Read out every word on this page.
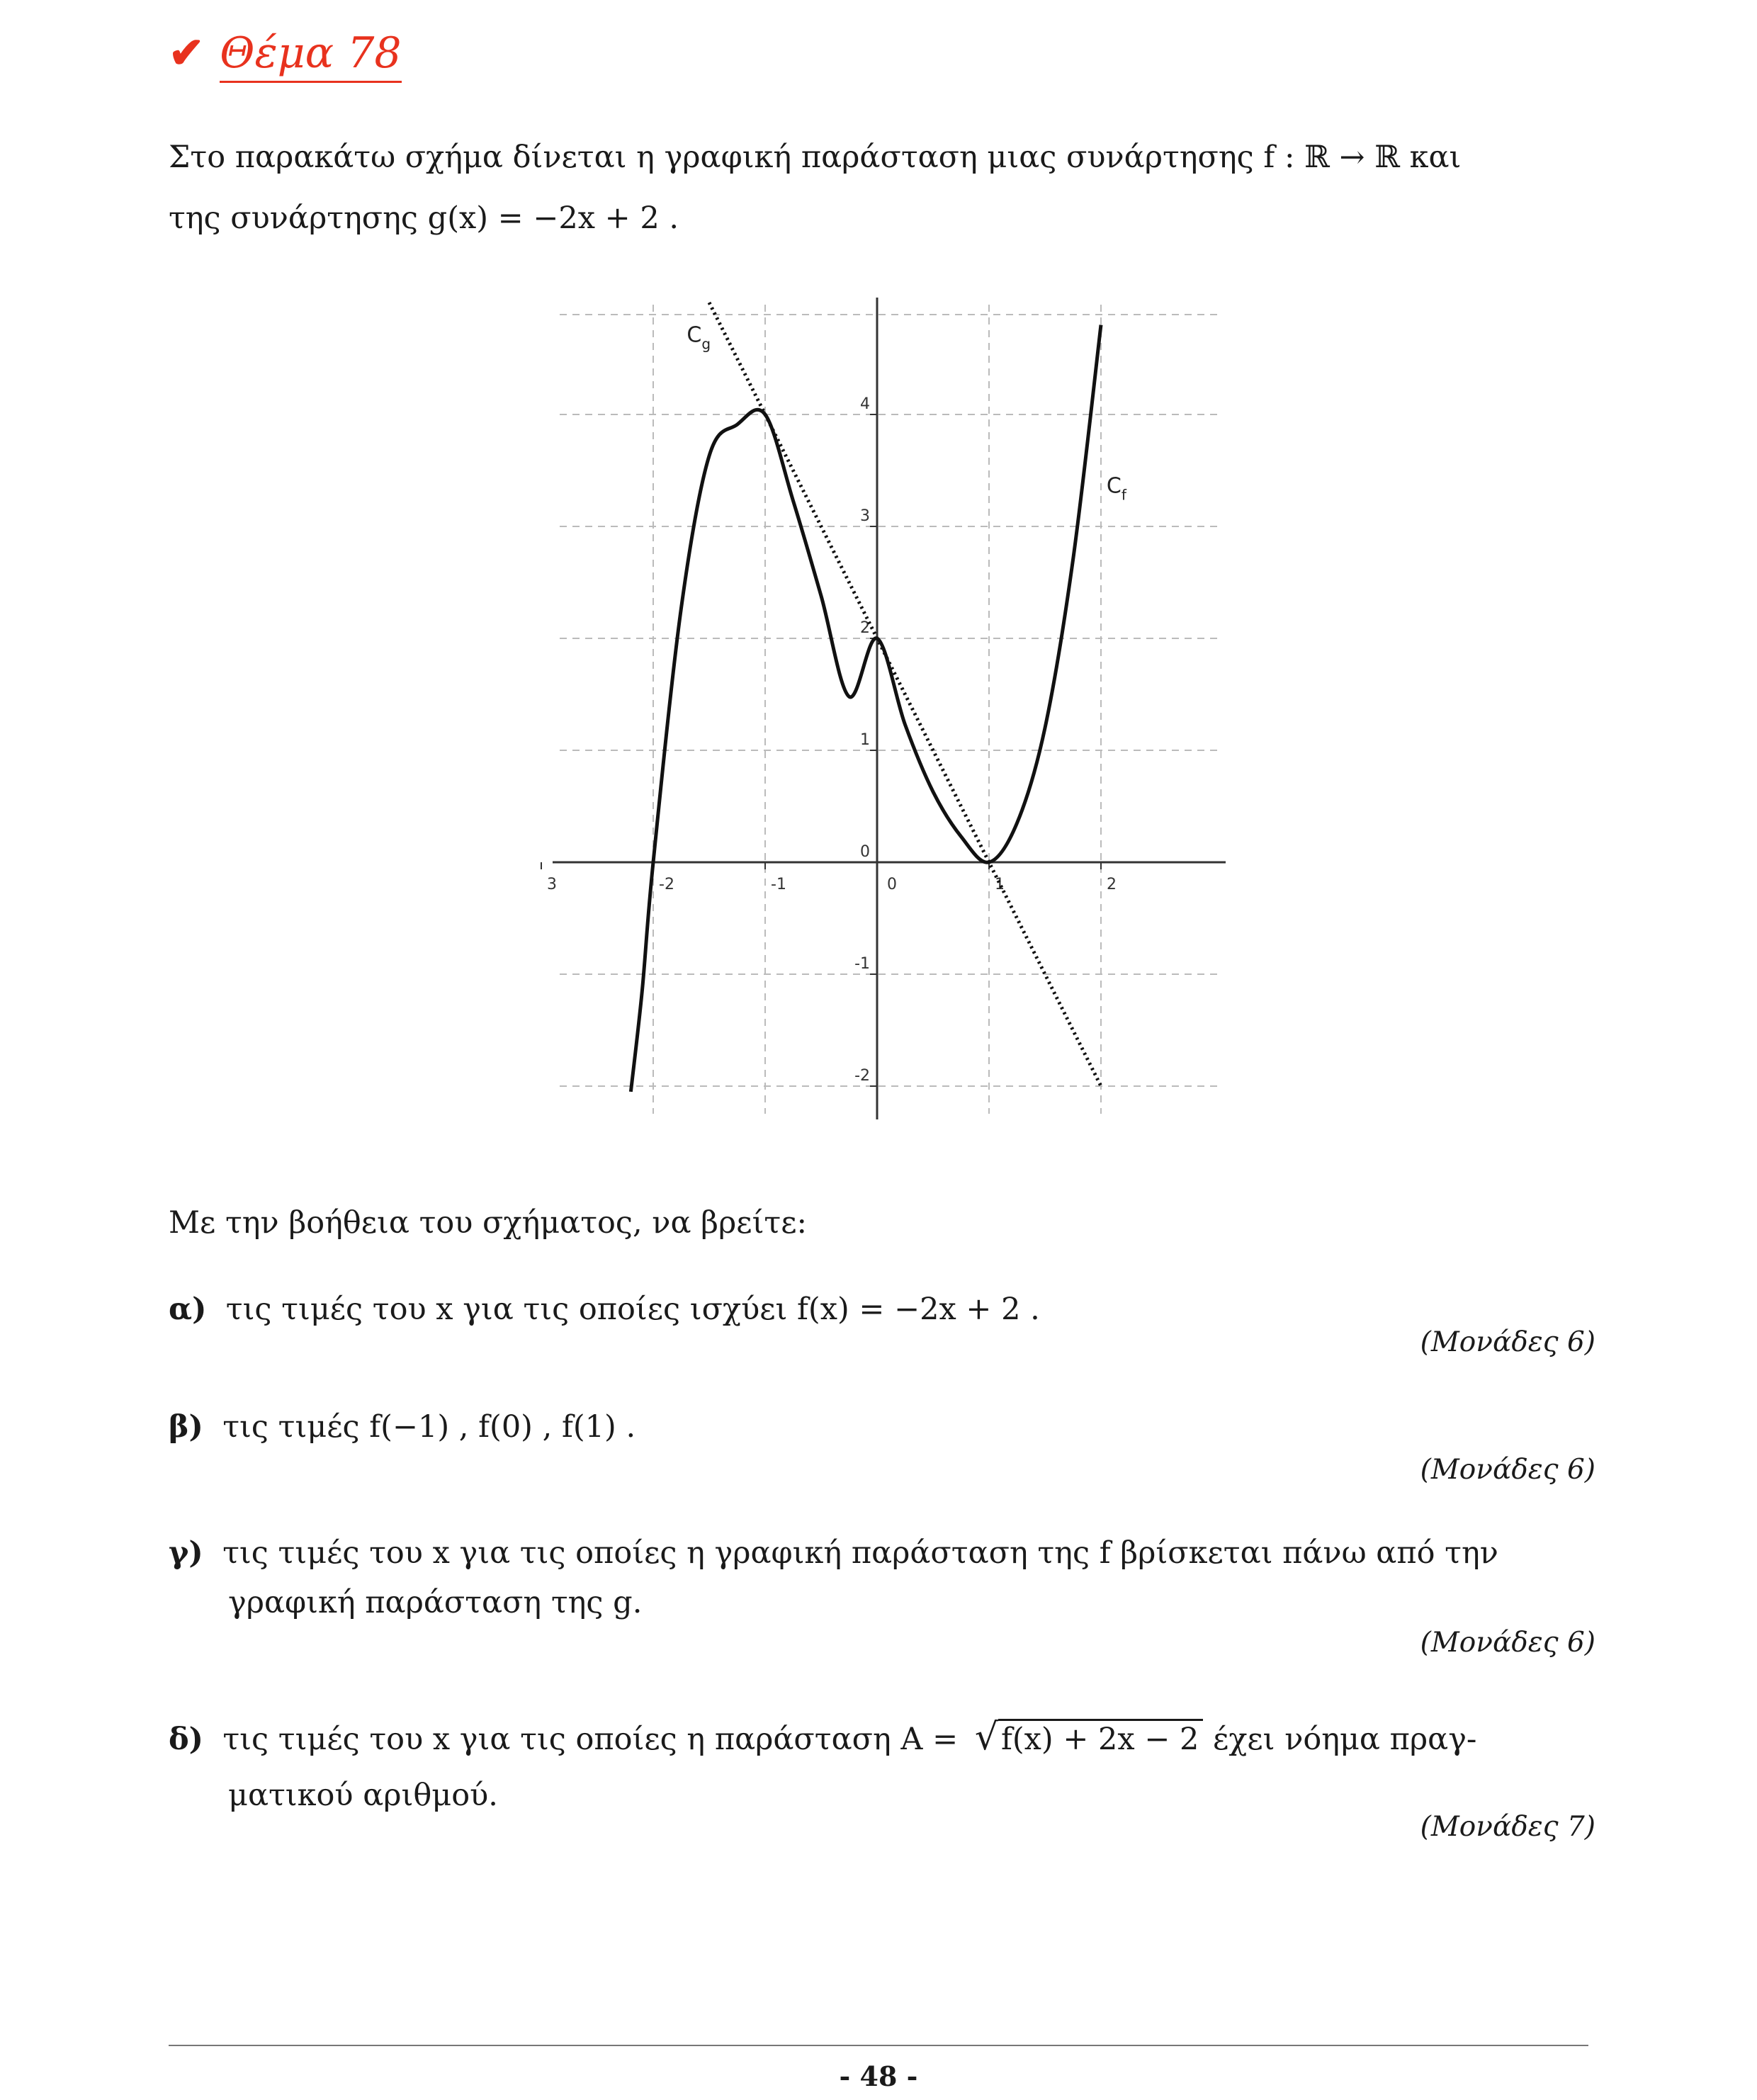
✔ Θέμα 78
Στο παρακάτω σχήμα δίνεται η γραφική παράσταση μιας συνάρτησης f : ℝ → ℝ και
της συνάρτησης g(x) = −2x + 2 .
3	-2	-1	0	1	2
-2
-1
0
1
2
3
4
$C_f$
$C_g$
Με την βοήθεια του σχήματος, να βρείτε:
α) τις τιμές του x για τις οποίες ισχύει f(x) = −2x + 2 .
(Μονάδες 6)
β) τις τιμές f(−1) , f(0) , f(1) .
(Μονάδες 6)
γ) τις τιμές του x για τις οποίες η γραφική παράσταση της f βρίσκεται πάνω από την
γραφική παράσταση της g.
(Μονάδες 6)
δ) τις τιμές του x για τις οποίες η παράσταση A = √f(x) + 2x − 2 έχει νόημα πραγ-
ματικού αριθμού.
(Μονάδες 7)
- 48 -
